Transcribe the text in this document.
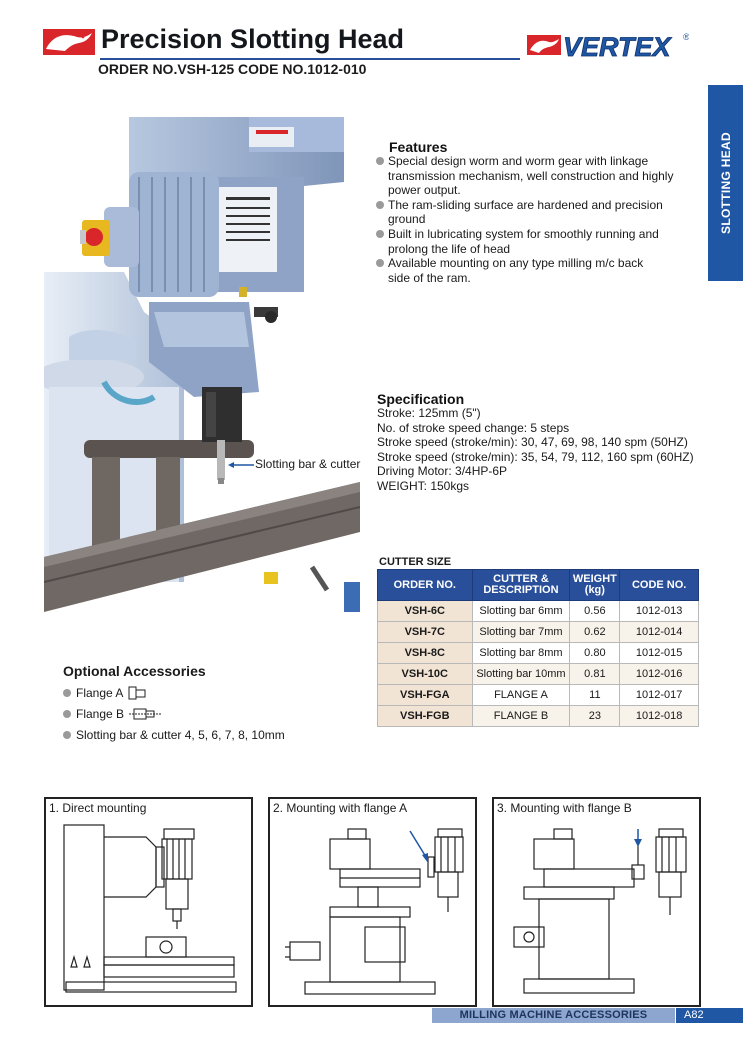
Precision Slotting Head
ORDER NO.VSH-125 CODE NO.1012-010
VERTEX ®
SLOTTING HEAD
Slotting bar & cutter
Features
Special design worm and worm gear with linkage transmission mechanism, well construction and highly power output.
The ram-sliding surface are hardened and precision ground
Built in lubricating system for smoothly running and prolong the life of head
Available mounting on any type milling m/c back side of the ram.
Specification
Stroke: 125mm (5")
No. of stroke speed change: 5 steps
Stroke speed (stroke/min): 30, 47, 69, 98, 140 spm (50HZ)
Stroke speed (stroke/min): 35, 54, 79, 112, 160 spm (60HZ)
Driving Motor: 3/4HP-6P
WEIGHT: 150kgs
CUTTER SIZE
ORDER NO.	CUTTER & DESCRIPTION	WEIGHT (kg)	CODE NO.
VSH-6C	Slotting bar 6mm	0.56	1012-013
VSH-7C	Slotting bar 7mm	0.62	1012-014
VSH-8C	Slotting bar 8mm	0.80	1012-015
VSH-10C	Slotting bar 10mm	0.81	1012-016
VSH-FGA	FLANGE A	11	1012-017
VSH-FGB	FLANGE B	23	1012-018
Optional Accessories
Flange A
Flange B
Slotting bar & cutter 4, 5, 6, 7, 8, 10mm
1. Direct mounting	2. Mounting with flange A	3. Mounting with flange B
MILLING MACHINE ACCESSORIES	A82
